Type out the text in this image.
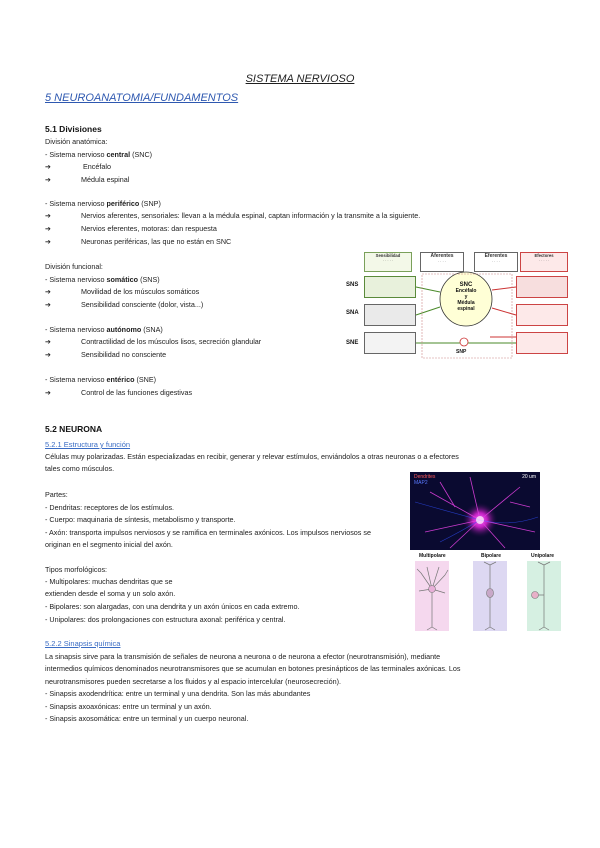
SISTEMA NERVIOSO
5 NEUROANATOMIA/FUNDAMENTOS
5.1 Divisiones
División anatómica:
- Sistema nervioso central (SNC)
➔	Encéfalo
➔	Médula espinal
- Sistema nervioso periférico (SNP)
➔	Nervios aferentes, sensoriales: llevan a la médula espinal, captan información y la transmite a la siguiente.
➔	Nervios eferentes, motoras: dan respuesta
➔	Neuronas periféricas, las que no están en SNC
División funcional:
- Sistema nervioso somático (SNS)
➔	Movilidad de los músculos somáticos
➔	Sensibilidad consciente (dolor, vista...)
- Sistema nervioso autónomo (SNA)
➔	Contractilidad de los músculos lisos, secreción glandular
➔	Sensibilidad no consciente
- Sistema nervioso entérico (SNE)
➔	Control de las funciones digestivas
Sensibilidad
· · · · ·
Aferentes
· · · ·
Eferentes
· · · ·
Efectores
· · · · ·
SNS
SNA
SNE
SNC
Encéfalo
y
Médula
espinal
SNP
5.2 NEURONA
5.2.1 Estructura y función
Células muy polarizadas. Están especializadas en recibir, generar y relevar estímulos, enviándolos a otras neuronas o a efectores
tales como músculos.
Partes:
- Dendritas: receptores de los estímulos.
- Cuerpo: maquinaria de síntesis, metabolismo y transporte.
- Axón: transporta impulsos nerviosos y se ramifica en terminales axónicos. Los impulsos nerviosos se
originan en el segmento inicial del axón.
Tipos morfológicos:
- Multipolares: muchas dendritas que se
extienden desde el soma y un solo axón.
- Bipolares: son alargadas, con una dendrita y un axón únicos en cada extremo.
- Unipolares: dos prolongaciones con estructura axonal: periférica y central.
Dendrites
MAP2
20 um
Multipolare	Bipolare	Unipolare
5.2.2 Sinapsis química
La sinapsis sirve para la transmisión de señales de neurona a neurona o de neurona a efector (neurotransmisión), mediante
intermedios químicos denominados neurotransmisores que se acumulan en botones presinápticos de las terminales axónicas. Los
neurotransmisores pueden secretarse a los fluidos y al espacio intercelular (neurosecreción).
- Sinapsis axodendrítica: entre un terminal y una dendrita. Son las más abundantes
- Sinapsis axoaxónicas: entre un terminal y un axón.
- Sinapsis axosomática: entre un terminal y un cuerpo neuronal.
